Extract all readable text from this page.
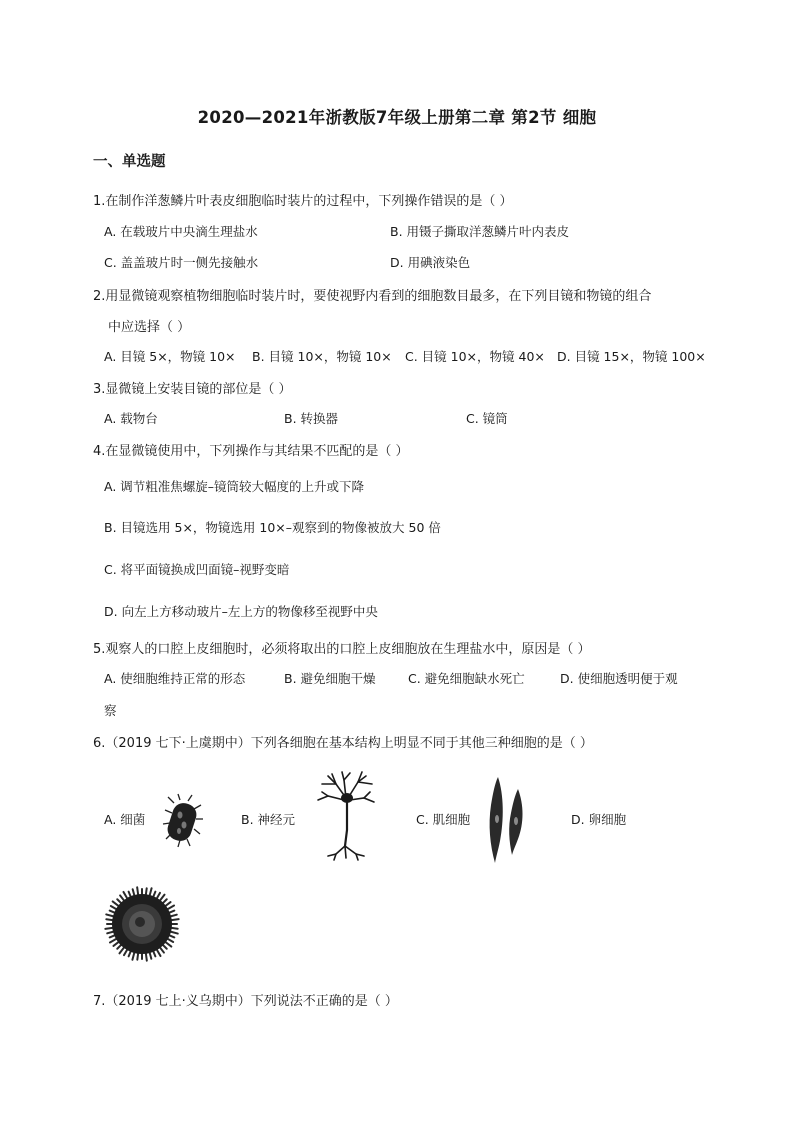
2020—2021年浙教版7年级上册第二章 第2节 细胞
一、单选题
1.在制作洋葱鳞片叶表皮细胞临时装片的过程中，下列操作错误的是（ ）
A. 在载玻片中央滴生理盐水	B. 用镊子撕取洋葱鳞片叶内表皮
C. 盖盖玻片时一侧先接触水	D. 用碘液染色
2.用显微镜观察植物细胞临时装片时，要使视野内看到的细胞数目最多，在下列目镜和物镜的组合
中应选择（ ）
A. 目镜 5×，物镜 10× B. 目镜 10×，物镜 10× C. 目镜 10×，物镜 40× D. 目镜 15×，物镜 100×
3.显微镜上安装目镜的部位是（ ）
A. 载物台	B. 转换器	C. 镜筒
4.在显微镜使用中，下列操作与其结果不匹配的是（ ）
A. 调节粗准焦螺旋–镜筒较大幅度的上升或下降
B. 目镜选用 5×，物镜选用 10×–观察到的物像被放大 50 倍
C. 将平面镜换成凹面镜–视野变暗
D. 向左上方移动玻片–左上方的物像移至视野中央
5.观察人的口腔上皮细胞时，必须将取出的口腔上皮细胞放在生理盐水中，原因是（ ）
A. 使细胞维持正常的形态	B. 避免细胞干燥	C. 避免细胞缺水死亡	D. 使细胞透明便于观
察
6.（2019 七下·上虞期中）下列各细胞在基本结构上明显不同于其他三种细胞的是（ ）
A. 细菌	B. 神经元	C. 肌细胞	D. 卵细胞
7.（2019 七上·义乌期中）下列说法不正确的是（ ）
